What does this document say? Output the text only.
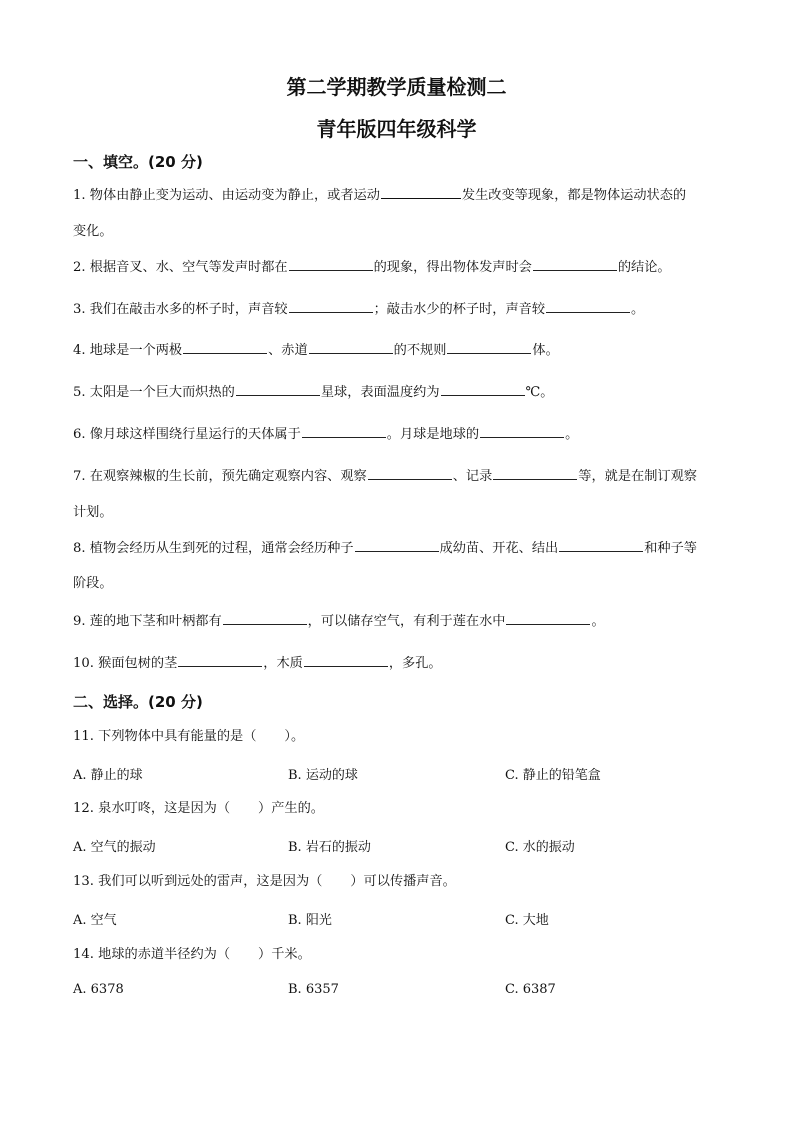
第二学期教学质量检测二
青年版四年级科学
一、填空。(20 分)
1. 物体由静止变为运动、由运动变为静止，或者运动	发生改变等现象，都是物体运动状态的
变化。
2. 根据音叉、水、空气等发声时都在	的现象，得出物体发声时会	的结论。
3. 我们在敲击水多的杯子时，声音较	；敲击水少的杯子时，声音较	。
4. 地球是一个两极	、赤道	的不规则	体。
5. 太阳是一个巨大而炽热的	星球，表面温度约为	℃。
6. 像月球这样围绕行星运行的天体属于	。月球是地球的	。
7. 在观察辣椒的生长前，预先确定观察内容、观察	、记录	等，就是在制订观察
计划。
8. 植物会经历从生到死的过程，通常会经历种子	成幼苗、开花、结出	和种子等
阶段。
9. 莲的地下茎和叶柄都有	，可以储存空气，有利于莲在水中	。
10. 猴面包树的茎	，木质	，多孔。
二、选择。(20 分)
11. 下列物体中具有能量的是（ ）。
A. 静止的球	B. 运动的球	C. 静止的铅笔盒
12. 泉水叮咚，这是因为（ ）产生的。
A. 空气的振动	B. 岩石的振动	C. 水的振动
13. 我们可以听到远处的雷声，这是因为（ ）可以传播声音。
A. 空气	B. 阳光	C. 大地
14. 地球的赤道半径约为（ ）千米。
A. 6378	B. 6357	C. 6387
